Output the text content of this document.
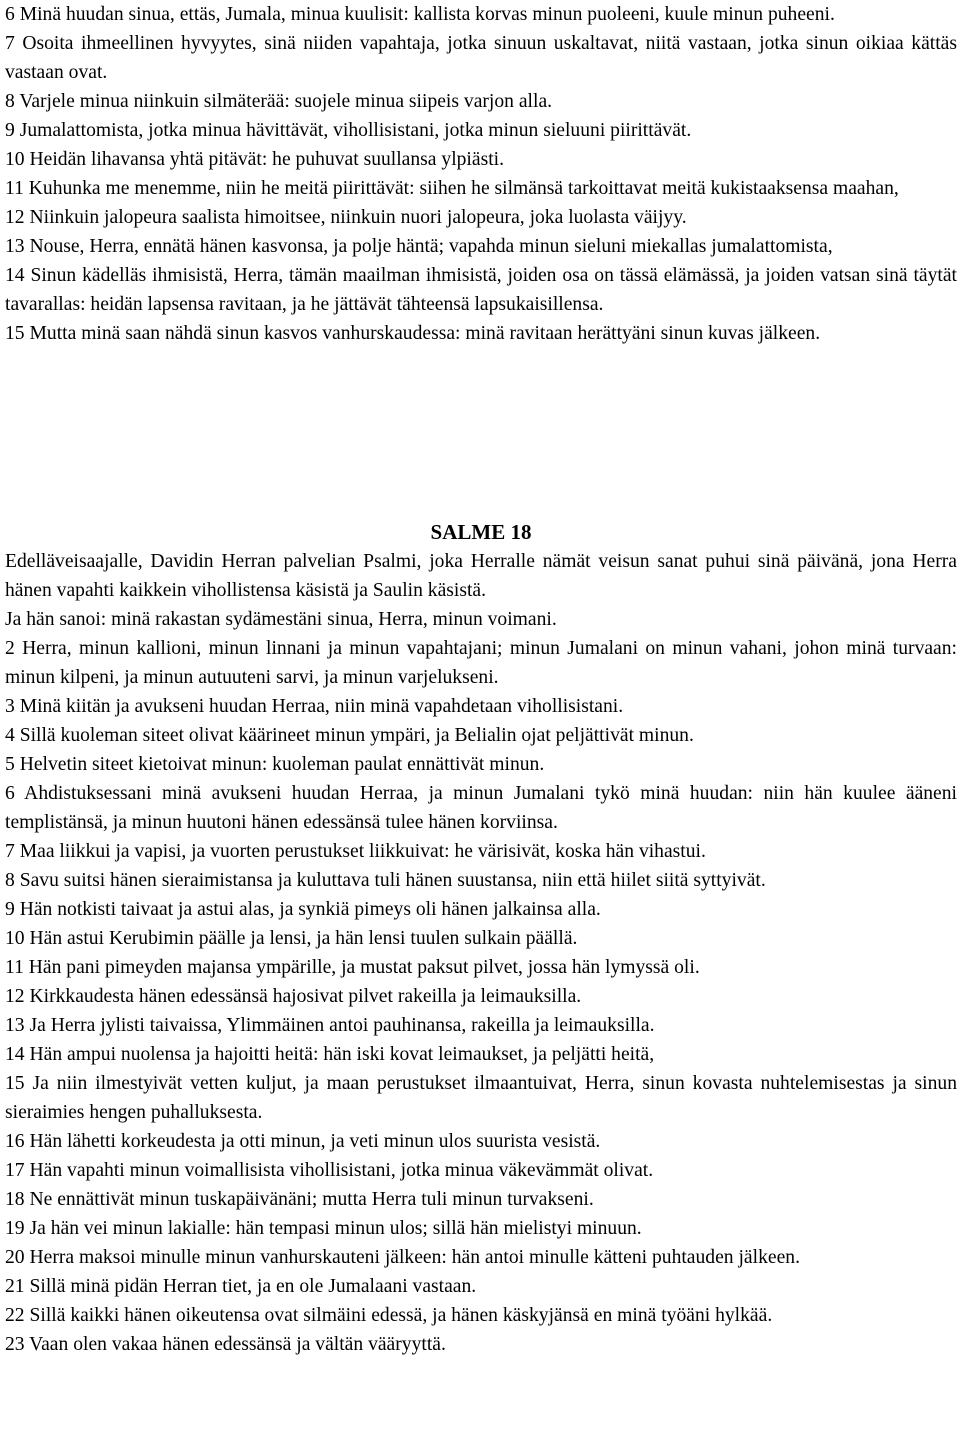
6 Minä huudan sinua, ettäs, Jumala, minua kuulisit: kallista korvas minun puoleeni, kuule minun puheeni.

7 Osoita ihmeellinen hyvyytes, sinä niiden vapahtaja, jotka sinuun uskaltavat, niitä vastaan, jotka sinun oikiaa kättäs vastaan ovat.

8 Varjele minua niinkuin silmäterää: suojele minua siipeis varjon alla.

9 Jumalattomista, jotka minua hävittävät, vihollisistani, jotka minun sieluuni piirittävät.

10 Heidän lihavansa yhtä pitävät: he puhuvat suullansa ylpiästi.

11 Kuhunka me menemme, niin he meitä piirittävät: siihen he silmänsä tarkoittavat meitä kukistaaksensa maahan,

12 Niinkuin jalopeura saalista himoitsee, niinkuin nuori jalopeura, joka luolasta väijyy.

13 Nouse, Herra, ennätä hänen kasvonsa, ja polje häntä; vapahda minun sieluni miekallas jumalattomista,

14 Sinun kädelläs ihmisistä, Herra, tämän maailman ihmisistä, joiden osa on tässä elämässä, ja joiden vatsan sinä täytät tavarallas: heidän lapsensa ravitaan, ja he jättävät tähteensä lapsukaisillensa.

15 Mutta minä saan nähdä sinun kasvos vanhurskaudessa: minä ravitaan herättyäni sinun kuvas jälkeen.

SALME 18

Edelläveisaajalle, Davidin Herran palvelian Psalmi, joka Herralle nämät veisun sanat puhui sinä päivänä, jona Herra hänen vapahti kaikkein vihollistensa käsistä ja Saulin käsistä.

Ja hän sanoi: minä rakastan sydämestäni sinua, Herra, minun voimani.

2 Herra, minun kallioni, minun linnani ja minun vapahtajani; minun Jumalani on minun vahani, johon minä turvaan: minun kilpeni, ja minun autuuteni sarvi, ja minun varjelukseni.

3 Minä kiitän ja avukseni huudan Herraa, niin minä vapahdetaan vihollisistani.

4 Sillä kuoleman siteet olivat käärineet minun ympäri, ja Belialin ojat peljättivät minun.

5 Helvetin siteet kietoivat minun: kuoleman paulat ennättivät minun.

6 Ahdistuksessani minä avukseni huudan Herraa, ja minun Jumalani tykö minä huudan: niin hän kuulee ääneni templistänsä, ja minun huutoni hänen edessänsä tulee hänen korviinsa.

7 Maa liikkui ja vapisi, ja vuorten perustukset liikkuivat: he värisivät, koska hän vihastui.

8 Savu suitsi hänen sieraimistansa ja kuluttava tuli hänen suustansa, niin että hiilet siitä syttyivät.

9 Hän notkisti taivaat ja astui alas, ja synkiä pimeys oli hänen jalkainsa alla.

10 Hän astui Kerubimin päälle ja lensi, ja hän lensi tuulen sulkain päällä.

11 Hän pani pimeyden majansa ympärille, ja mustat paksut pilvet, jossa hän lymyssä oli.

12 Kirkkaudesta hänen edessänsä hajosivat pilvet rakeilla ja leimauksilla.

13 Ja Herra jylisti taivaissa, Ylimmäinen antoi pauhinansa, rakeilla ja leimauksilla.

14 Hän ampui nuolensa ja hajoitti heitä: hän iski kovat leimaukset, ja peljätti heitä,

15 Ja niin ilmestyivät vetten kuljut, ja maan perustukset ilmaantuivat, Herra, sinun kovasta nuhtelemisestas ja sinun sieraimies hengen puhalluksesta.

16 Hän lähetti korkeudesta ja otti minun, ja veti minun ulos suurista vesistä.

17 Hän vapahti minun voimallisista vihollisistani, jotka minua väkevämmät olivat.

18 Ne ennättivät minun tuskapäivänäni; mutta Herra tuli minun turvakseni.

19 Ja hän vei minun lakialle: hän tempasi minun ulos; sillä hän mielistyi minuun.

20 Herra maksoi minulle minun vanhurskauteni jälkeen: hän antoi minulle kätteni puhtauden jälkeen.

21 Sillä minä pidän Herran tiet, ja en ole Jumalaani vastaan.

22 Sillä kaikki hänen oikeutensa ovat silmäini edessä, ja hänen käskyjänsä en minä työäni hylkää.

23 Vaan olen vakaa hänen edessänsä ja vältän vääryyttä.
